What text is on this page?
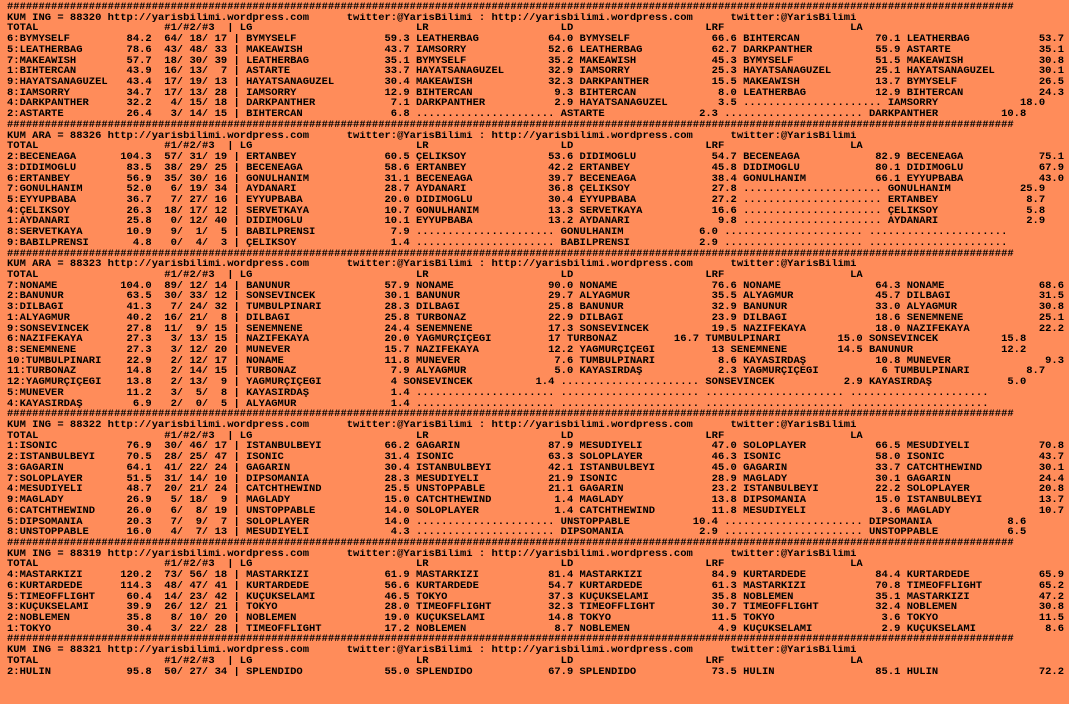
################################################################################################################################################################
KUM ING = 88320 http://yarisbilimi.wordpress.com      twitter:@YarisBilimi : http://yarisbilimi.wordpress.com      twitter:@YarisBilimi
TOTAL                    #1/#2/#3  | LG                          LR                     LD                     LRF                    LA
6:BYMYSELF         84.2  64/ 18/ 17 | BYMYSELF              59.3 LEATHERBAG           64.0 BYMYSELF             66.6 BİHTERCAN            70.1 LEATHERBAG           53.7
5:LEATHERBAG       78.6  43/ 48/ 33 | MAKEAWISH             43.7 IAMSORRY             52.6 LEATHERBAG           62.7 DARKPANTHER          55.9 ASTARTE              35.1
7:MAKEAWISH        57.7  18/ 30/ 39 | LEATHERBAG            35.1 BYMYSELF             35.2 MAKEAWISH            45.3 BYMYSELF             51.5 MAKEAWISH            30.8
1:BİHTERCAN        43.9  16/ 13/  7 | ASTARTE               33.7 HAYATSANAGÜZEL       32.9 IAMSORRY             25.3 HAYATSANAGÜZEL       25.1 HAYATSANAGÜZEL       30.1
9:HAYATSANAGÜZEL   43.4  17/ 19/ 13 | HAYATSANAGÜZEL        30.4 MAKEAWISH            32.3 DARKPANTHER          15.5 MAKEAWISH            13.7 BYMYSELF             26.5
8:IAMSORRY         34.7  17/ 13/ 28 | IAMSORRY              12.9 BİHTERCAN             9.3 BİHTERCAN             8.0 LEATHERBAG           12.9 BİHTERCAN            24.3
4:DARKPANTHER      32.2   4/ 15/ 18 | DARKPANTHER            7.1 DARKPANTHER           2.9 HAYATSANAGÜZEL        3.5 ...................... IAMSORRY             18.0
2:ASTARTE          26.4   3/ 14/ 15 | BİHTERCAN              6.8 ...................... ASTARTE               2.3 ...................... DARKPANTHER          10.8
################################################################################################################################################################
KUM ARA = 88326 http://yarisbilimi.wordpress.com      twitter:@YarisBilimi : http://yarisbilimi.wordpress.com      twitter:@YarisBilimi
TOTAL                    #1/#2/#3  | LG                          LR                     LD                     LRF                    LA
2:BECENEAĞA       104.3  57/ 31/ 19 | ERTANBEY              60.5 ÇELİKSOY             53.6 DİDİMOĞLU            54.7 BECENEAĞA            82.9 BECENEAĞA            75.1
3:DİDİMOĞLU        83.5  38/ 29/ 25 | BECENEAĞA             58.6 ERTANBEY             42.2 ERTANBEY             45.8 DİDİMOĞLU            80.1 DİDİMOĞLU            67.9
6:ERTANBEY         56.9  35/ 30/ 16 | GÖNÜLHANIM            31.1 BECENEAĞA            39.7 BECENEAĞA            38.4 GÖNÜLHANIM           66.1 EYYUPBABA            43.0
7:GÖNÜLHANIM       52.0   6/ 19/ 34 | AYDANARI              28.7 AYDANARI             36.8 ÇELİKSOY             27.8 ...................... GÖNÜLHANIM           25.9
5:EYYUPBABA        36.7   7/ 27/ 16 | EYYUPBABA             20.0 DİDİMOĞLU            30.4 EYYUPBABA            27.2 ...................... ERTANBEY              8.7
4:ÇELİKSOY         26.3  18/ 17/ 12 | SERVETKAYA            10.7 GÖNÜLHANIM           13.3 SERVETKAYA           16.6 ...................... ÇELİKSOY              5.8
1:AYDANARI         25.8   0/ 12/ 40 | DİDİMOĞLU             10.1 EYYUPBABA            13.2 AYDANARI              9.8 ...................... AYDANARI              2.9
8:SERVETKAYA       10.9   9/  1/  5 | BABILPRENSİ            7.9 ...................... GÖNÜLHANIM            6.0 ...................... ......................
9:BABILPRENSİ       4.8   0/  4/  3 | ÇELİKSOY               1.4 ...................... BABILPRENSİ           2.9 ...................... ......................
################################################################################################################################################################
KUM ARA = 88323 http://yarisbilimi.wordpress.com      twitter:@YarisBilimi : http://yarisbilimi.wordpress.com      twitter:@YarisBilimi
TOTAL                    #1/#2/#3  | LG                          LR                     LD                     LRF                    LA
7:NONAME          104.0  89/ 12/ 14 | BANUNUR               57.9 NONAME               90.0 NONAME               76.6 NONAME               64.3 NONAME               68.6
2:BANUNUR          63.5  30/ 33/ 12 | SONSEVİNCEK           30.1 BANUNUR              29.7 ALYAĞMUR             35.5 ALYAĞMUR             45.7 DİLBAĞI              31.5
3:DİLBAĞI          41.3   7/ 24/ 32 | TUMBULPINARI          28.3 DİLBAĞI              25.8 BANUNUR              32.9 BANUNUR              33.0 ALYAĞMUR             30.8
1:ALYAĞMUR         40.2  16/ 21/  8 | DİLBAĞI               25.8 TURBONAZ             22.9 DİLBAĞI              23.9 DİLBAĞI              18.6 SENEMNENE            25.1
9:SONSEVİNCEK      27.8  11/  9/ 15 | SENEMNENE             24.4 SENEMNENE            17.3 SONSEVİNCEK          19.5 NAZİFEKAYA           18.0 NAZİFEKAYA           22.2
6:NAZİFEKAYA       27.3   3/ 13/ 15 | NAZİFEKAYA            20.0 YAĞMURÇİÇEĞİ         17 TURBONAZ         16.7 TUMBULPINARI         15.0 SONSEVİNCEK          15.8
8:SENEMNENE        27.3   3/ 12/ 20 | MÜNEVER               15.7 NAZİFEKAYA           12.2 YAĞMURÇİÇEĞİ         13 SENEMNENE        14.5 BANUNUR              12.2
10:TUMBULPINARI    22.9   2/ 12/ 17 | NONAME                11.8 MÜNEVER               7.6 TUMBULPINARI          8.6 KAYASIRDAŞ           10.8 MÜNEVER               9.3
11:TURBONAZ        14.8   2/ 14/ 15 | TURBONAZ               7.9 ALYAĞMUR              5.0 KAYASIRDAŞ            2.3 YAĞMURÇİÇEĞİ          6 TUMBULPINARI         8.7
12:YAĞMURÇİÇEĞİ    13.8   2/ 13/  9 | YAĞMURÇİÇEĞİ           4 SONSEVİNCEK          1.4 ...................... SONSEVİNCEK           2.9 KAYASIRDAŞ            5.0
5:MÜNEVER          11.2   3/  5/  8 | KAYASIRDAŞ             1.4 ...................... ...................... ...................... ......................
4:KAYASIRDAŞ        6.9   2/  0/  5 | ALYAĞMUR               1.4 ...................... ...................... ...................... ......................
################################################################################################################################################################
KUM ING = 88322 http://yarisbilimi.wordpress.com      twitter:@YarisBilimi : http://yarisbilimi.wordpress.com      twitter:@YarisBilimi
TOTAL                    #1/#2/#3  | LG                          LR                     LD                     LRF                    LA
1:ISONIC           76.9  30/ 46/ 17 | İSTANBULBEYİ          66.2 GAGARİN              87.9 MESUDİYELİ           47.0 SOLOPLAYER           66.5 MESUDİYELİ           70.8
2:İSTANBULBEYİ     70.5  28/ 25/ 47 | ISONIC                31.4 ISONIC               63.3 SOLOPLAYER           46.3 ISONIC               58.0 ISONIC               43.7
3:GAGARİN          64.1  41/ 22/ 24 | GAGARİN               30.4 İSTANBULBEYİ         42.1 İSTANBULBEYİ         45.0 GAGARİN              33.7 CATCHTHEWIND         30.1
7:SOLOPLAYER       51.5  31/ 14/ 10 | DİPSOMANİA            28.3 MESUDİYELİ           21.9 ISONIC               28.9 MAGLADY              30.1 GAGARİN              24.4
4:MESUDİYELİ       48.7  20/ 21/ 24 | CATCHTHEWIND          25.5 UNSTOPPABLE          21.1 GAGARİN              23.2 İSTANBULBEYİ         22.2 SOLOPLAYER           20.8
9:MAGLADY          26.9   5/ 18/  9 | MAGLADY               15.0 CATCHTHEWIND          1.4 MAGLADY              13.8 DİPSOMANİA           15.0 İSTANBULBEYİ         13.7
6:CATCHTHEWIND     26.0   6/  8/ 19 | UNSTOPPABLE           14.0 SOLOPLAYER            1.4 CATCHTHEWIND         11.8 MESUDİYELİ            3.6 MAGLADY              10.7
5:DİPSOMANİA       20.3   7/  9/  7 | SOLOPLAYER            14.0 ...................... UNSTOPPABLE          10.4 ...................... DİPSOMANİA            8.6
8:UNSTOPPABLE      16.0   4/  7/ 13 | MESUDİYELİ             4.3 ...................... DİPSOMANİA            2.9 ...................... UNSTOPPABLE           6.5
################################################################################################################################################################
KUM ING = 88319 http://yarisbilimi.wordpress.com      twitter:@YarisBilimi : http://yarisbilimi.wordpress.com      twitter:@YarisBilimi
TOTAL                    #1/#2/#3  | LG                          LR                     LD                     LRF                    LA
4:MASTARKIZI      120.2  73/ 56/ 18 | MASTARKIZI            61.9 MASTARKIZI           81.4 MASTARKIZI           84.9 KURTARDEDE           84.4 KURTARDEDE           65.9
6:KURTARDEDE      114.3  48/ 47/ 41 | KURTARDEDE            56.6 KURTARDEDE           54.7 KURTARDEDE           61.3 MASTARKIZI           70.8 TIMEOFFLIGHT         65.2
5:TIMEOFFLIGHT     60.4  14/ 23/ 42 | KÜÇÜKSELAMİ           46.5 TOKYO                37.3 KÜÇÜKSELAMİ          35.8 NOBLEMEN             35.1 MASTARKIZI           47.2
3:KÜÇÜKSELAMİ      39.9  26/ 12/ 21 | TOKYO                 28.0 TIMEOFFLIGHT         32.3 TIMEOFFLIGHT         30.7 TIMEOFFLIGHT         32.4 NOBLEMEN             30.8
2:NOBLEMEN         35.8   8/ 10/ 20 | NOBLEMEN              19.0 KÜÇÜKSELAMİ          14.8 TOKYO                11.5 TOKYO                 3.6 TOKYO                11.5
1:TOKYO            30.4   3/ 22/ 28 | TIMEOFFLIGHT          17.2 NOBLEMEN              8.7 NOBLEMEN              4.9 KÜÇÜKSELAMİ           2.9 KÜÇÜKSELAMİ           8.6
################################################################################################################################################################
KUM ING = 88321 http://yarisbilimi.wordpress.com      twitter:@YarisBilimi : http://yarisbilimi.wordpress.com      twitter:@YarisBilimi
TOTAL                    #1/#2/#3  | LG                          LR                     LD                     LRF                    LA
2:HULİN            95.8  50/ 27/ 34 | SPLENDIDO             55.0 SPLENDIDO            67.9 SPLENDIDO            73.5 HULİN                85.1 HULİN                72.2
